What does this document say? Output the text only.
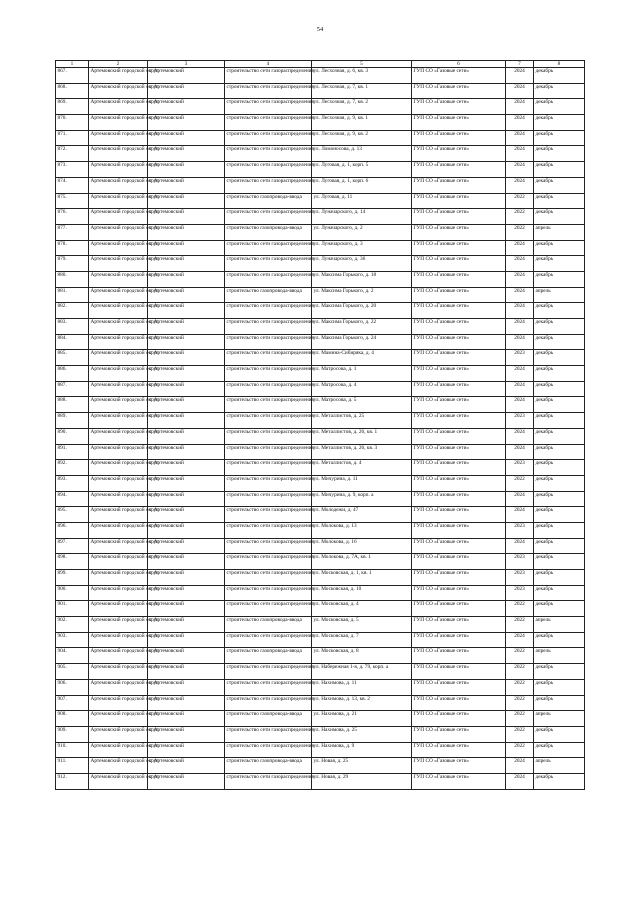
54
1	2	3	4	5	6	7	8
867.	Артемовский городской округ	г. Артемовский	строительство сети газораспределения	ул. Лесхозная, д. 6, кв. 3	ГУП СО «Газовые сети»	2024	декабрь
868.	Артемовский городской округ	г. Артемовский	строительство сети газораспределения	ул. Лесхозная, д. 7, кв. 1	ГУП СО «Газовые сети»	2024	декабрь
869.	Артемовский городской округ	г. Артемовский	строительство сети газораспределения	ул. Лесхозная, д. 7, кв. 2	ГУП СО «Газовые сети»	2024	декабрь
870.	Артемовский городской округ	г. Артемовский	строительство сети газораспределения	ул. Лесхозная, д. 9, кв. 1	ГУП СО «Газовые сети»	2024	декабрь
871.	Артемовский городской округ	г. Артемовский	строительство сети газораспределения	ул. Лесхозная, д. 9, кв. 2	ГУП СО «Газовые сети»	2024	декабрь
872.	Артемовский городской округ	г. Артемовский	строительство сети газораспределения	ул. Ломоносова, д. 13	ГУП СО «Газовые сети»	2024	декабрь
873.	Артемовский городской округ	г. Артемовский	строительство сети газораспределения	ул. Луговая, д. 1, корп. 5	ГУП СО «Газовые сети»	2024	декабрь
874.	Артемовский городской округ	г. Артемовский	строительство сети газораспределения	ул. Луговая, д. 1, корп. 6	ГУП СО «Газовые сети»	2024	декабрь
875.	Артемовский городской округ	г. Артемовский	строительство газопровода-ввода	ул. Луговая, д. 11	ГУП СО «Газовые сети»	2022	декабрь
876.	Артемовский городской округ	г. Артемовский	строительство сети газораспределения	ул. Луначарского, д. 14	ГУП СО «Газовые сети»	2022	декабрь
877.	Артемовский городской округ	г. Артемовский	строительство газопровода-ввода	ул. Луначарского, д. 2	ГУП СО «Газовые сети»	2022	апрель
878.	Артемовский городской округ	г. Артемовский	строительство сети газораспределения	ул. Луначарского, д. 3	ГУП СО «Газовые сети»	2024	декабрь
879.	Артемовский городской округ	г. Артемовский	строительство сети газораспределения	ул. Луначарского, д. 36	ГУП СО «Газовые сети»	2024	декабрь
880.	Артемовский городской округ	г. Артемовский	строительство сети газораспределения	ул. Максима Горького, д. 18	ГУП СО «Газовые сети»	2024	декабрь
881.	Артемовский городской округ	г. Артемовский	строительство газопровода-ввода	ул. Максима Горького, д. 2	ГУП СО «Газовые сети»	2024	апрель
882.	Артемовский городской округ	г. Артемовский	строительство сети газораспределения	ул. Максима Горького, д. 20	ГУП СО «Газовые сети»	2024	декабрь
883.	Артемовский городской округ	г. Артемовский	строительство сети газораспределения	ул. Максима Горького, д. 22	ГУП СО «Газовые сети»	2024	декабрь
884.	Артемовский городской округ	г. Артемовский	строительство сети газораспределения	ул. Максима Горького, д. 24	ГУП СО «Газовые сети»	2024	декабрь
885.	Артемовский городской округ	г. Артемовский	строительство сети газораспределения	ул. Мамина-Сибиряка, д. 4	ГУП СО «Газовые сети»	2023	декабрь
886.	Артемовский городской округ	г. Артемовский	строительство сети газораспределения	ул. Матросова, д. 1	ГУП СО «Газовые сети»	2024	декабрь
887.	Артемовский городской округ	г. Артемовский	строительство сети газораспределения	ул. Матросова, д. 4	ГУП СО «Газовые сети»	2024	декабрь
888.	Артемовский городской округ	г. Артемовский	строительство сети газораспределения	ул. Матросова, д. 5	ГУП СО «Газовые сети»	2024	декабрь
889.	Артемовский городской округ	г. Артемовский	строительство сети газораспределения	ул. Металлистов, д. 25	ГУП СО «Газовые сети»	2023	декабрь
890.	Артемовский городской округ	г. Артемовский	строительство сети газораспределения	ул. Металлистов, д. 26, кв. 1	ГУП СО «Газовые сети»	2024	декабрь
891.	Артемовский городской округ	г. Артемовский	строительство сети газораспределения	ул. Металлистов, д. 26, кв. 3	ГУП СО «Газовые сети»	2024	декабрь
892.	Артемовский городской округ	г. Артемовский	строительство сети газораспределения	ул. Металлистов, д. 4	ГУП СО «Газовые сети»	2023	декабрь
893.	Артемовский городской округ	г. Артемовский	строительство сети газораспределения	ул. Мичурина, д. 11	ГУП СО «Газовые сети»	2022	декабрь
894.	Артемовский городской округ	г. Артемовский	строительство сети газораспределения	ул. Мичурина, д. 9, корп. а	ГУП СО «Газовые сети»	2024	декабрь
895.	Артемовский городской округ	г. Артемовский	строительство сети газораспределения	ул. Молодежи, д. 47	ГУП СО «Газовые сети»	2024	декабрь
896.	Артемовский городской округ	г. Артемовский	строительство сети газораспределения	ул. Молокова, д. 13	ГУП СО «Газовые сети»	2023	декабрь
897.	Артемовский городской округ	г. Артемовский	строительство сети газораспределения	ул. Молокова, д. 16	ГУП СО «Газовые сети»	2024	декабрь
898.	Артемовский городской округ	г. Артемовский	строительство сети газораспределения	ул. Молокова, д. 7А, кв. 1	ГУП СО «Газовые сети»	2023	декабрь
899.	Артемовский городской округ	г. Артемовский	строительство сети газораспределения	ул. Московская, д. 1, кв. 1	ГУП СО «Газовые сети»	2023	декабрь
900.	Артемовский городской округ	г. Артемовский	строительство сети газораспределения	ул. Московская, д. 10	ГУП СО «Газовые сети»	2023	декабрь
901.	Артемовский городской округ	г. Артемовский	строительство сети газораспределения	ул. Московская, д. 4	ГУП СО «Газовые сети»	2022	декабрь
902.	Артемовский городской округ	г. Артемовский	строительство газопровода-ввода	ул. Московская, д. 5	ГУП СО «Газовые сети»	2022	апрель
903.	Артемовский городской округ	г. Артемовский	строительство сети газораспределения	ул. Московская, д. 7	ГУП СО «Газовые сети»	2024	декабрь
904.	Артемовский городской округ	г. Артемовский	строительство газопровода-ввода	ул. Московская, д. 8	ГУП СО «Газовые сети»	2022	апрель
905.	Артемовский городской округ	г. Артемовский	строительство сети газораспределения	ул. Набережная 1-я, д. 79, корп. а	ГУП СО «Газовые сети»	2022	декабрь
906.	Артемовский городской округ	г. Артемовский	строительство сети газораспределения	ул. Нахимова, д. 11	ГУП СО «Газовые сети»	2022	декабрь
907.	Артемовский городской округ	г. Артемовский	строительство сети газораспределения	ул. Нахимова, д. 13, кв. 2	ГУП СО «Газовые сети»	2022	декабрь
908.	Артемовский городской округ	г. Артемовский	строительство газопровода-ввода	ул. Нахимова, д. 21	ГУП СО «Газовые сети»	2022	апрель
909.	Артемовский городской округ	г. Артемовский	строительство сети газораспределения	ул. Нахимова, д. 25	ГУП СО «Газовые сети»	2022	декабрь
910.	Артемовский городской округ	г. Артемовский	строительство сети газораспределения	ул. Нахимова, д. 9	ГУП СО «Газовые сети»	2022	декабрь
911.	Артемовский городской округ	г. Артемовский	строительство газопровода-ввода	ул. Новая, д. 25	ГУП СО «Газовые сети»	2024	апрель
912.	Артемовский городской округ	г. Артемовский	строительство сети газораспределения	ул. Новая, д. 29	ГУП СО «Газовые сети»	2024	декабрь
